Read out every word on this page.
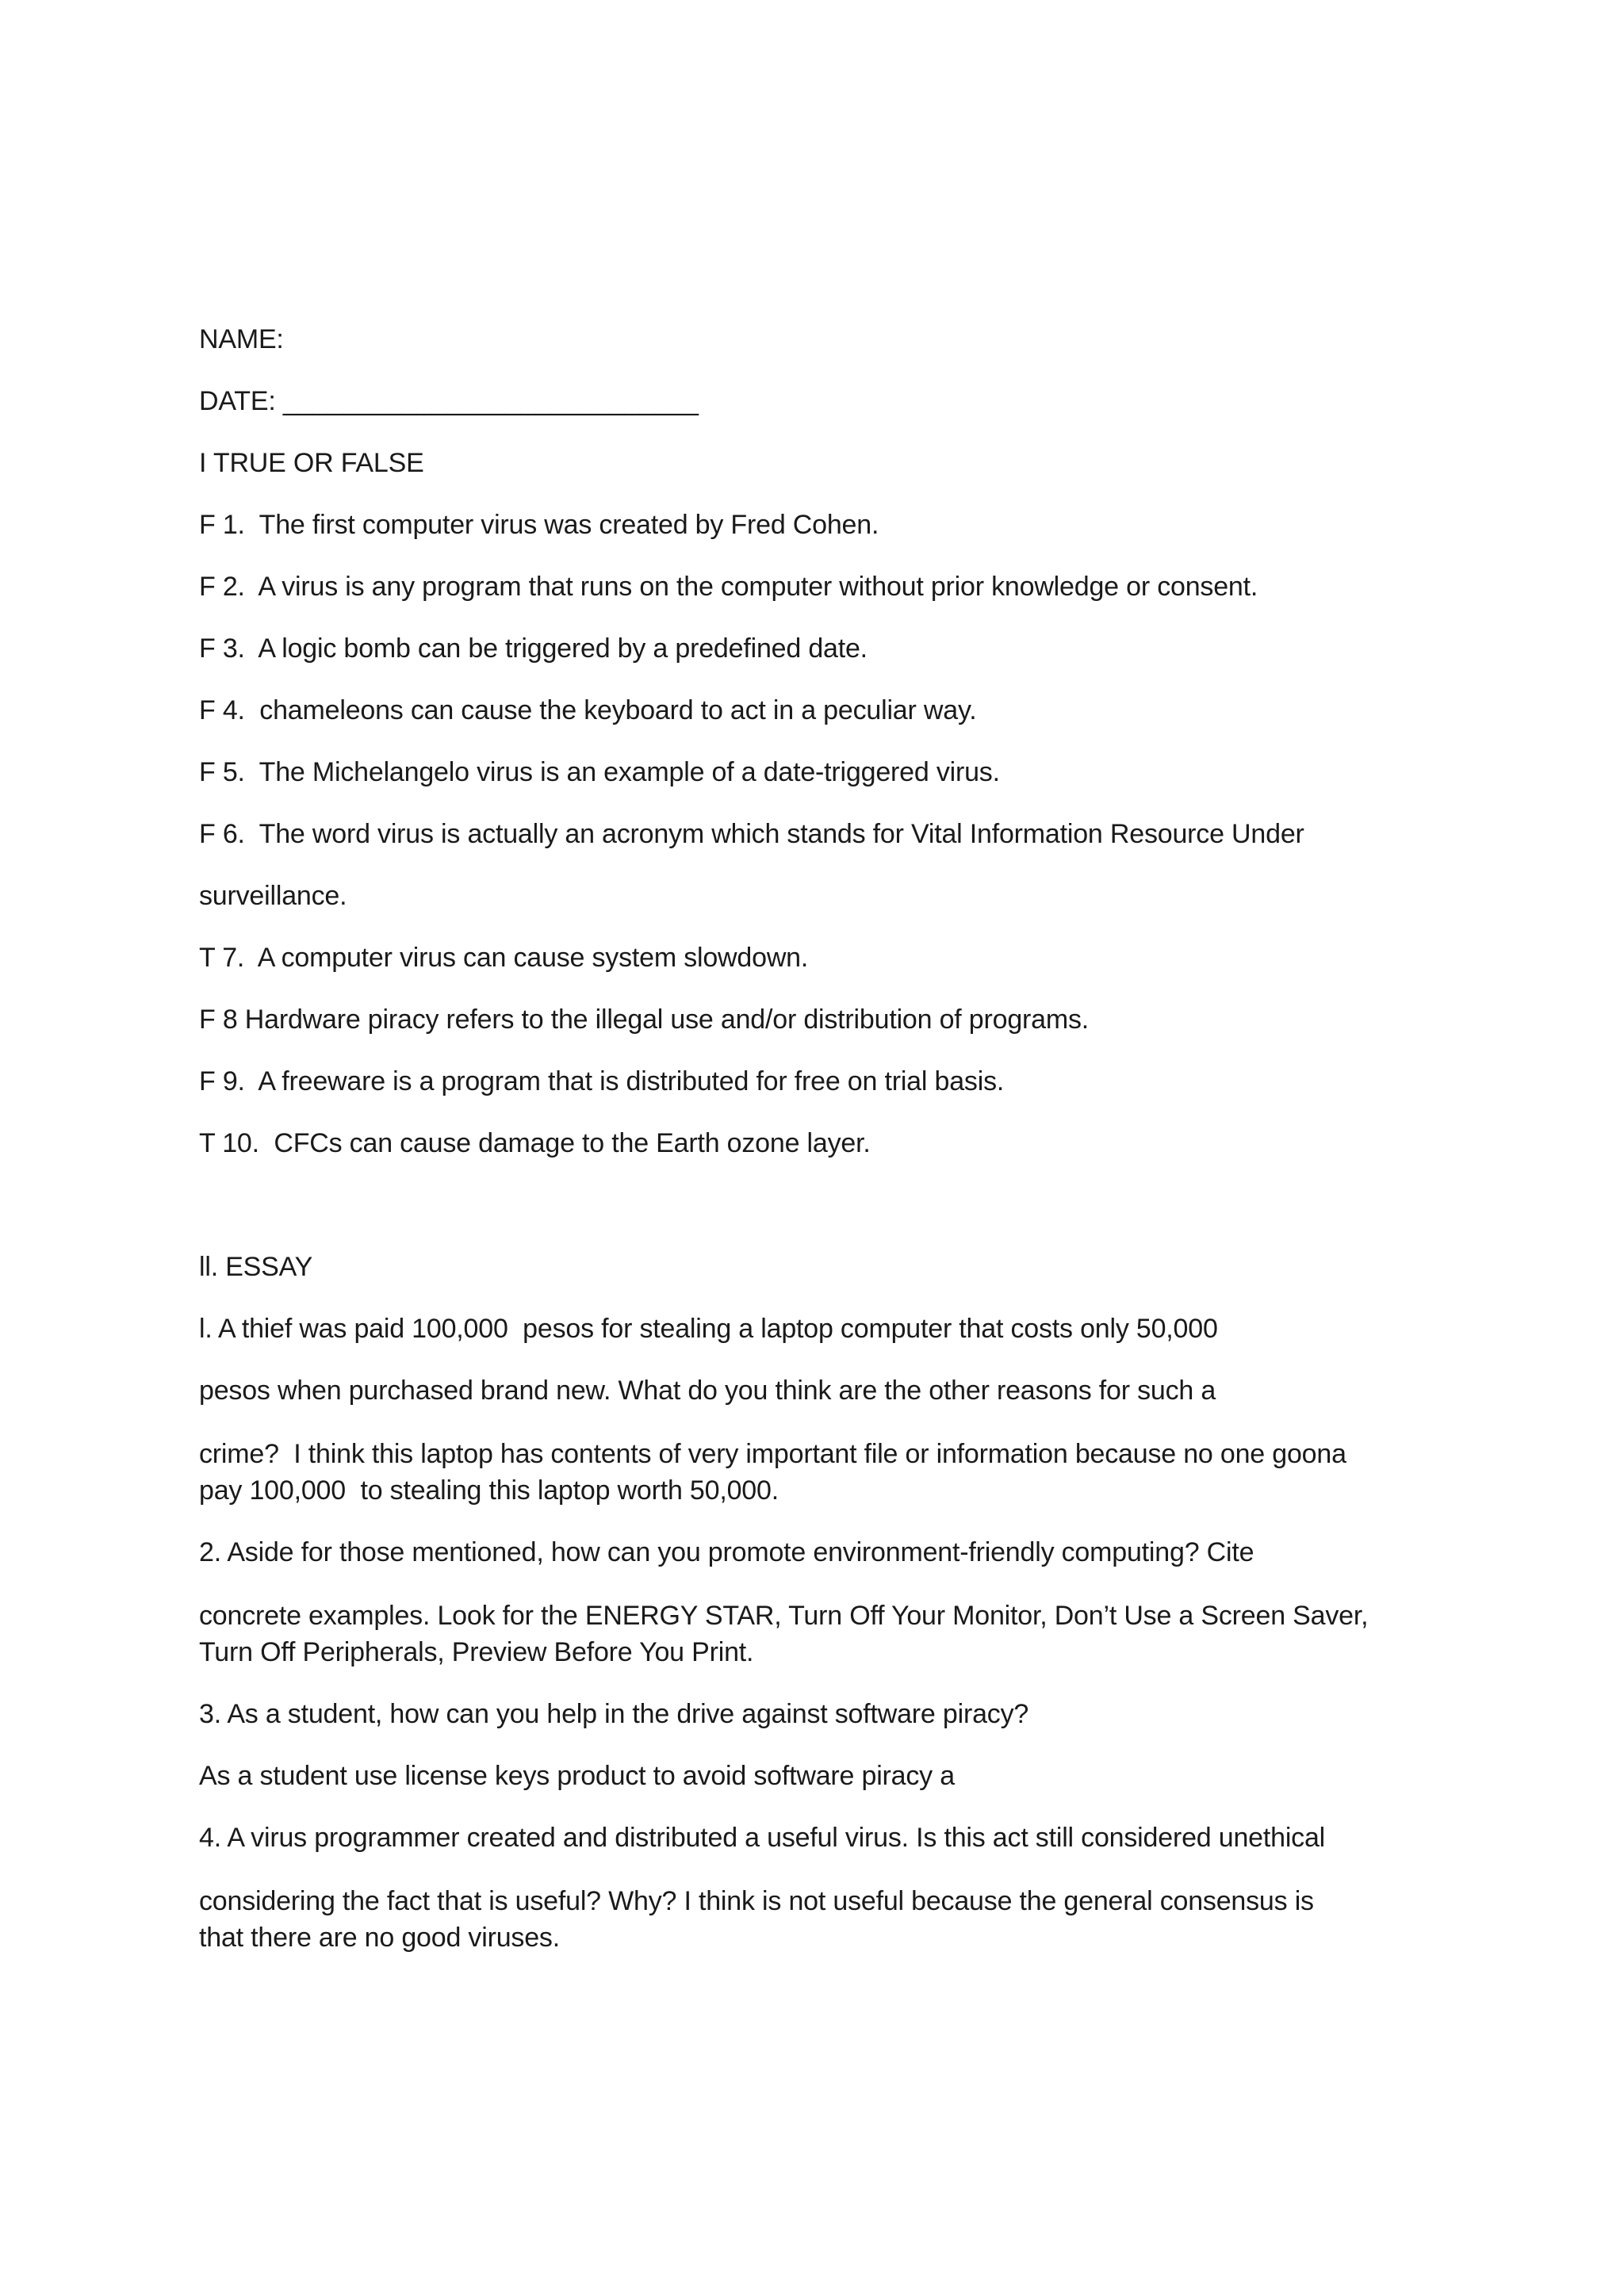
NAME:

DATE: ____________________________

I TRUE OR FALSE

F 1.  The first computer virus was created by Fred Cohen.

F 2.  A virus is any program that runs on the computer without prior knowledge or consent.

F 3.  A logic bomb can be triggered by a predefined date.

F 4.  chameleons can cause the keyboard to act in a peculiar way.

F 5.  The Michelangelo virus is an example of a date-triggered virus.

F 6.  The word virus is actually an acronym which stands for Vital Information Resource Under

surveillance.

T 7.  A computer virus can cause system slowdown.

F 8 Hardware piracy refers to the illegal use and/or distribution of programs.

F 9.  A freeware is a program that is distributed for free on trial basis.

T 10.  CFCs can cause damage to the Earth ozone layer.

ll. ESSAY

l. A thief was paid 100,000  pesos for stealing a laptop computer that costs only 50,000

pesos when purchased brand new. What do you think are the other reasons for such a

crime?  I think this laptop has contents of very important file or information because no one goona

pay 100,000  to stealing this laptop worth 50,000.

2. Aside for those mentioned, how can you promote environment-friendly computing? Cite

concrete examples. Look for the ENERGY STAR, Turn Off Your Monitor, Don’t Use a Screen Saver,

Turn Off Peripherals, Preview Before You Print.

3. As a student, how can you help in the drive against software piracy?

As a student use license keys product to avoid software piracy a

4. A virus programmer created and distributed a useful virus. Is this act still considered unethical

considering the fact that is useful? Why? I think is not useful because the general consensus is

that there are no good viruses.
